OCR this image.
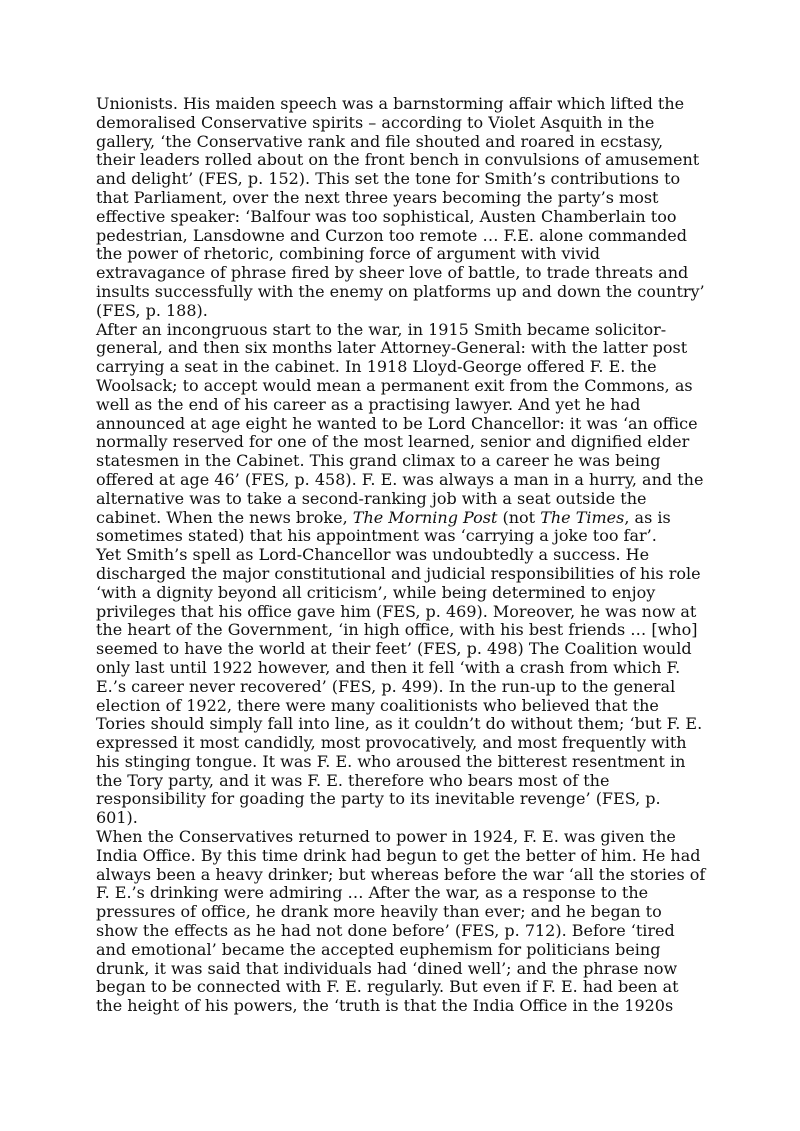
Unionists. His maiden speech was a barnstorming affair which lifted the demoralised Conservative spirits – according to Violet Asquith in the gallery, ‘the Conservative rank and file shouted and roared in ecstasy, their leaders rolled about on the front bench in convulsions of amusement and delight’ (FES, p. 152). This set the tone for Smith’s contributions to that Parliament, over the next three years becoming the party’s most effective speaker: ‘Balfour was too sophistical, Austen Chamberlain too pedestrian, Lansdowne and Curzon too remote … F.E. alone commanded the power of rhetoric, combining force of argument with vivid extravagance of phrase fired by sheer love of battle, to trade threats and insults successfully with the enemy on platforms up and down the country’ (FES, p. 188).

After an incongruous start to the war, in 1915 Smith became solicitor-general, and then six months later Attorney-General: with the latter post carrying a seat in the cabinet. In 1918 Lloyd-George offered F. E. the Woolsack; to accept would mean a permanent exit from the Commons, as well as the end of his career as a practising lawyer. And yet he had announced at age eight he wanted to be Lord Chancellor: it was ‘an office normally reserved for one of the most learned, senior and dignified elder statesmen in the Cabinet. This grand climax to a career he was being offered at age 46’ (FES, p. 458). F. E. was always a man in a hurry, and the alternative was to take a second-ranking job with a seat outside the cabinet. When the news broke, The Morning Post (not The Times, as is sometimes stated) that his appointment was ‘carrying a joke too far’.

Yet Smith’s spell as Lord-Chancellor was undoubtedly a success. He discharged the major constitutional and judicial responsibilities of his role ‘with a dignity beyond all criticism’, while being determined to enjoy privileges that his office gave him (FES, p. 469). Moreover, he was now at the heart of the Government, ‘in high office, with his best friends … [who] seemed to have the world at their feet’ (FES, p. 498) The Coalition would only last until 1922 however, and then it fell ‘with a crash from which F. E.’s career never recovered’ (FES, p. 499). In the run-up to the general election of 1922, there were many coalitionists who believed that the Tories should simply fall into line, as it couldn’t do without them; ‘but F. E. expressed it most candidly, most provocatively, and most frequently with his stinging tongue. It was F. E. who aroused the bitterest resentment in the Tory party, and it was F. E. therefore who bears most of the responsibility for goading the party to its inevitable revenge’ (FES, p. 601).

When the Conservatives returned to power in 1924, F. E. was given the India Office. By this time drink had begun to get the better of him. He had always been a heavy drinker; but whereas before the war ‘all the stories of F. E.’s drinking were admiring … After the war, as a response to the pressures of office, he drank more heavily than ever; and he began to show the effects as he had not done before’ (FES, p. 712). Before ‘tired and emotional’ became the accepted euphemism for politicians being drunk, it was said that individuals had ‘dined well’; and the phrase now began to be connected with F. E. regularly. But even if F. E. had been at the height of his powers, the ‘truth is that the India Office in the 1920s
